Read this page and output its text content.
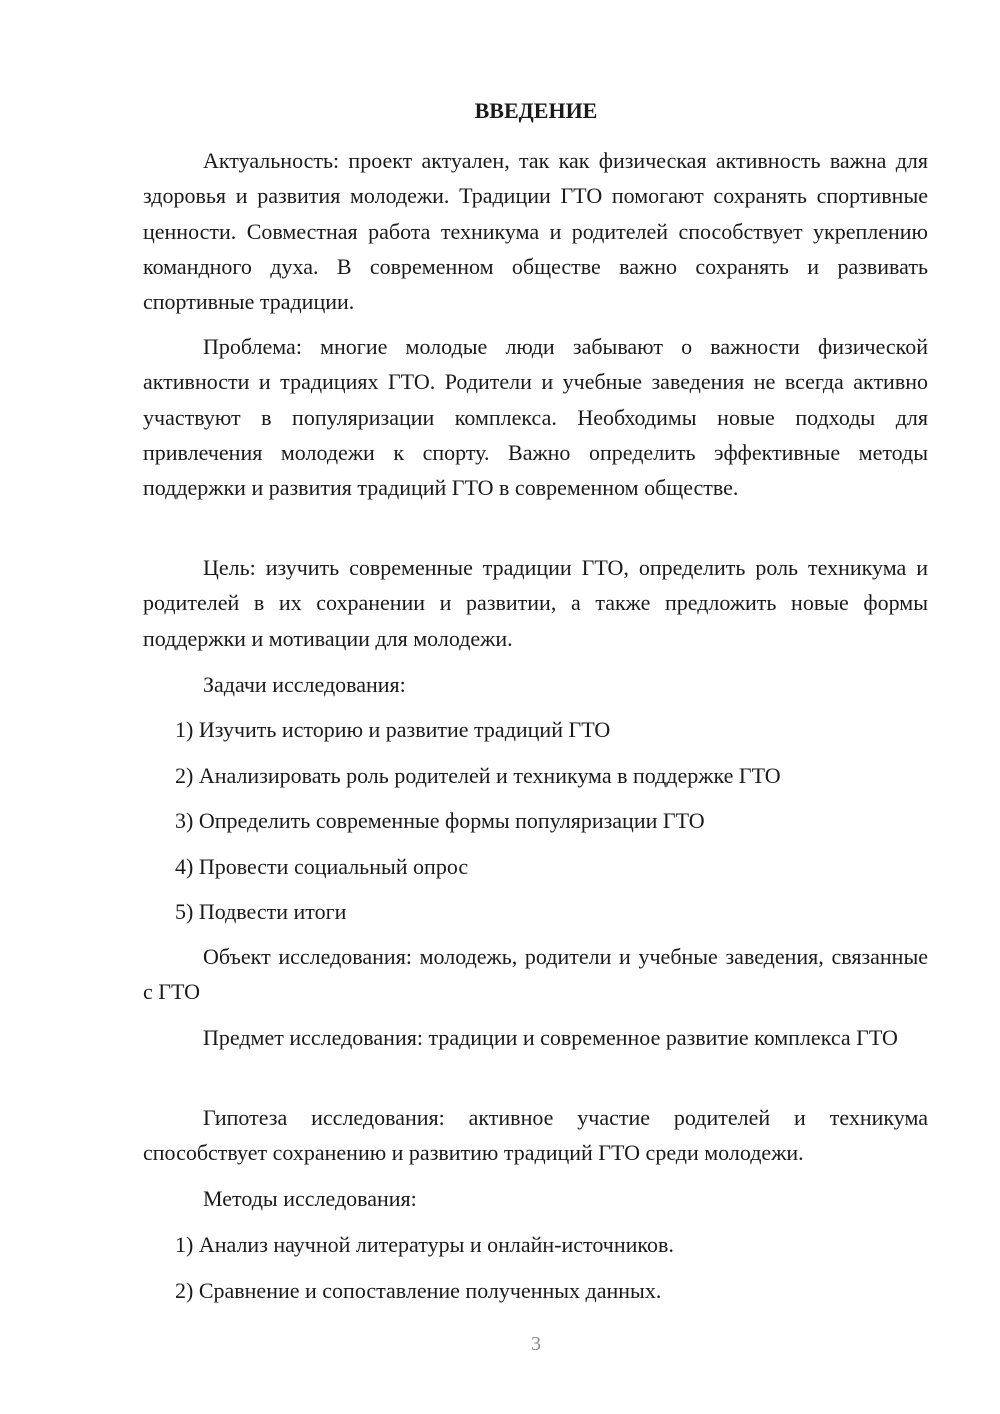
ВВЕДЕНИЕ

Актуальность: проект актуален, так как физическая активность важна для здоровья и развития молодежи. Традиции ГТО помогают сохранять спортивные ценности. Совместная работа техникума и родителей способствует укреплению командного духа. В современном обществе важно сохранять и развивать спортивные традиции.

Проблема: многие молодые люди забывают о важности физической активности и традициях ГТО. Родители и учебные заведения не всегда активно участвуют в популяризации комплекса. Необходимы новые подходы для привлечения молодежи к спорту. Важно определить эффективные методы поддержки и развития традиций ГТО в современном обществе.

Цель: изучить современные традиции ГТО, определить роль техникума и родителей в их сохранении и развитии, а также предложить новые формы поддержки и мотивации для молодежи.

Задачи исследования:

1) Изучить историю и развитие традиций ГТО
2) Анализировать роль родителей и техникума в поддержке ГТО
3) Определить современные формы популяризации ГТО
4) Провести социальный опрос
5) Подвести итоги

Объект исследования: молодежь, родители и учебные заведения, связанные с ГТО

Предмет исследования: традиции и современное развитие комплекса ГТО

Гипотеза исследования: активное участие родителей и техникума способствует сохранению и развитию традиций ГТО среди молодежи.

Методы исследования:

1) Анализ научной литературы и онлайн-источников.
2) Сравнение и сопоставление полученных данных.
3
